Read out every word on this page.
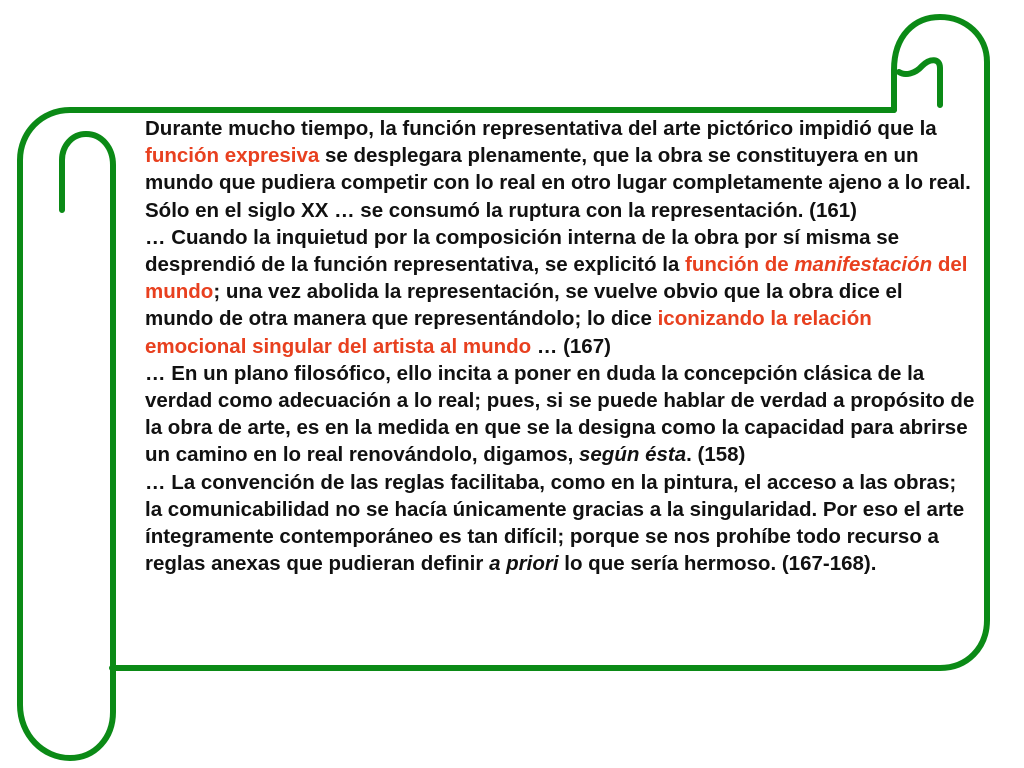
Durante mucho tiempo, la función representativa del arte pictórico impidió que la función expresiva se desplegara plenamente, que la obra se constituyera en un mundo que pudiera competir con lo real en otro lugar completamente ajeno a lo real. Sólo en el siglo XX … se consumó la ruptura con la representación. (161)

… Cuando la inquietud por la composición interna de la obra por sí misma se desprendió de la función representativa, se explicitó la función de manifestación del mundo; una vez abolida la representación, se vuelve obvio que la obra dice el mundo de otra manera que representándolo; lo dice iconizando la relación emocional singular del artista al mundo … (167)

… En un plano filosófico, ello incita a poner en duda la concepción clásica de la verdad como adecuación a lo real; pues, si se puede hablar de verdad a propósito de la obra de arte, es en la medida en que se la designa como la capacidad para abrirse un camino en lo real renovándolo, digamos, según ésta. (158)

… La convención de las reglas facilitaba, como en la pintura, el acceso a las obras; la comunicabilidad no se hacía únicamente gracias a la singularidad. Por eso el arte íntegramente contemporáneo es tan difícil; porque se nos prohíbe todo recurso a reglas anexas que pudieran definir a priori lo que sería hermoso. (167-168).
